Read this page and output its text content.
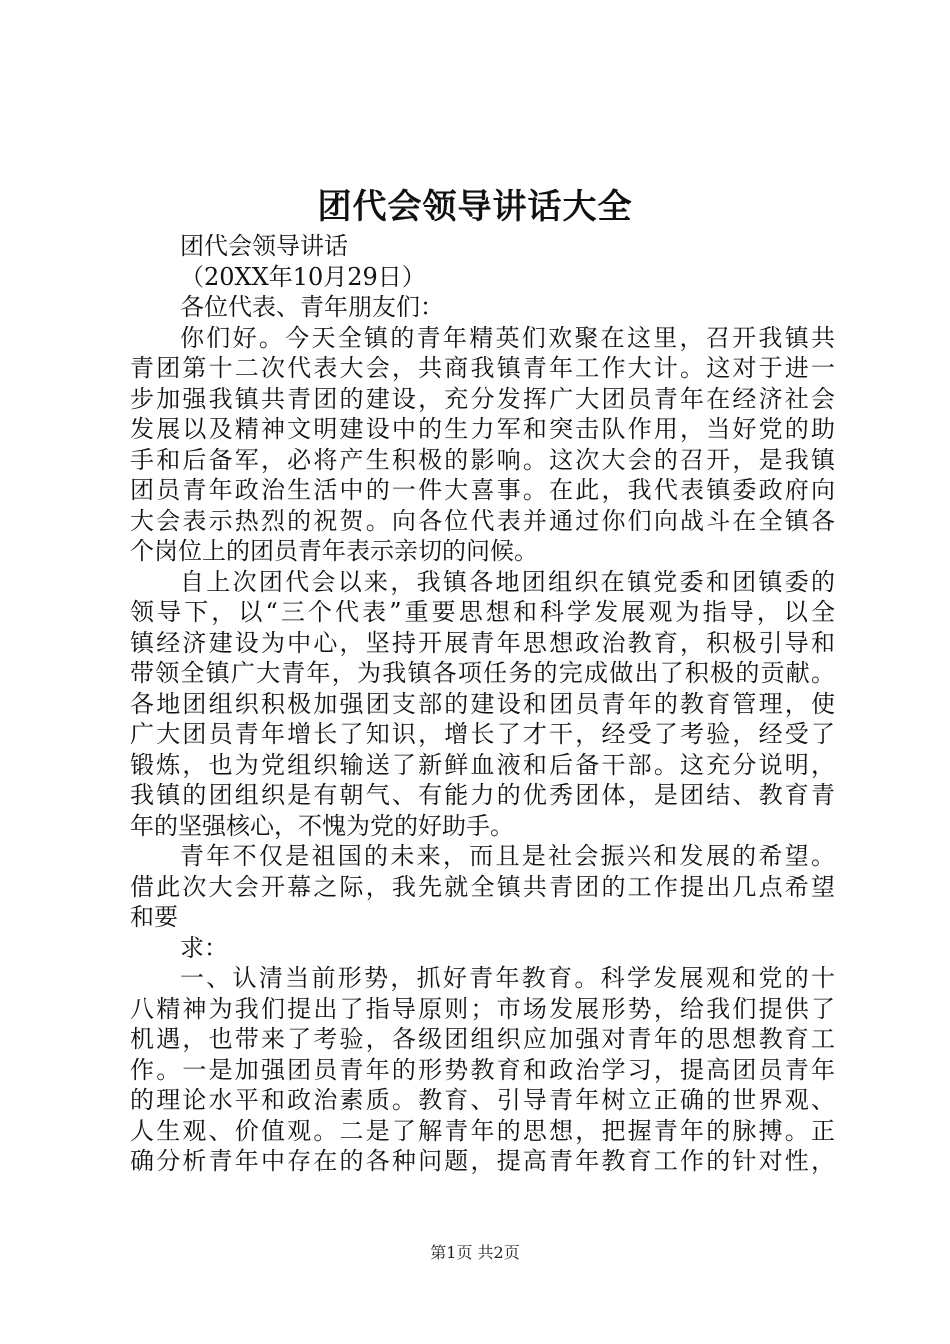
团代会领导讲话大全
团代会领导讲话
（20XX年10月29日）
各位代表、青年朋友们：
你们好。今天全镇的青年精英们欢聚在这里，召开我镇共
青团第十二次代表大会，共商我镇青年工作大计。这对于进一
步加强我镇共青团的建设，充分发挥广大团员青年在经济社会
发展以及精神文明建设中的生力军和突击队作用，当好党的助
手和后备军，必将产生积极的影响。这次大会的召开，是我镇
团员青年政治生活中的一件大喜事。在此，我代表镇委政府向
大会表示热烈的祝贺。向各位代表并通过你们向战斗在全镇各
个岗位上的团员青年表示亲切的问候。
自上次团代会以来，我镇各地团组织在镇党委和团镇委的
领导下，以“三个代表”重要思想和科学发展观为指导，以全
镇经济建设为中心，坚持开展青年思想政治教育，积极引导和
带领全镇广大青年，为我镇各项任务的完成做出了积极的贡献。
各地团组织积极加强团支部的建设和团员青年的教育管理，使
广大团员青年增长了知识，增长了才干，经受了考验，经受了
锻炼，也为党组织输送了新鲜血液和后备干部。这充分说明，
我镇的团组织是有朝气、有能力的优秀团体，是团结、教育青
年的坚强核心，不愧为党的好助手。
青年不仅是祖国的未来，而且是社会振兴和发展的希望。
借此次大会开幕之际，我先就全镇共青团的工作提出几点希望
和要
求：
一、认清当前形势，抓好青年教育。科学发展观和党的十
八精神为我们提出了指导原则；市场发展形势，给我们提供了
机遇，也带来了考验，各级团组织应加强对青年的思想教育工
作。一是加强团员青年的形势教育和政治学习，提高团员青年
的理论水平和政治素质。教育、引导青年树立正确的世界观、
人生观、价值观。二是了解青年的思想，把握青年的脉搏。正
确分析青年中存在的各种问题，提高青年教育工作的针对性，
第1页 共2页
